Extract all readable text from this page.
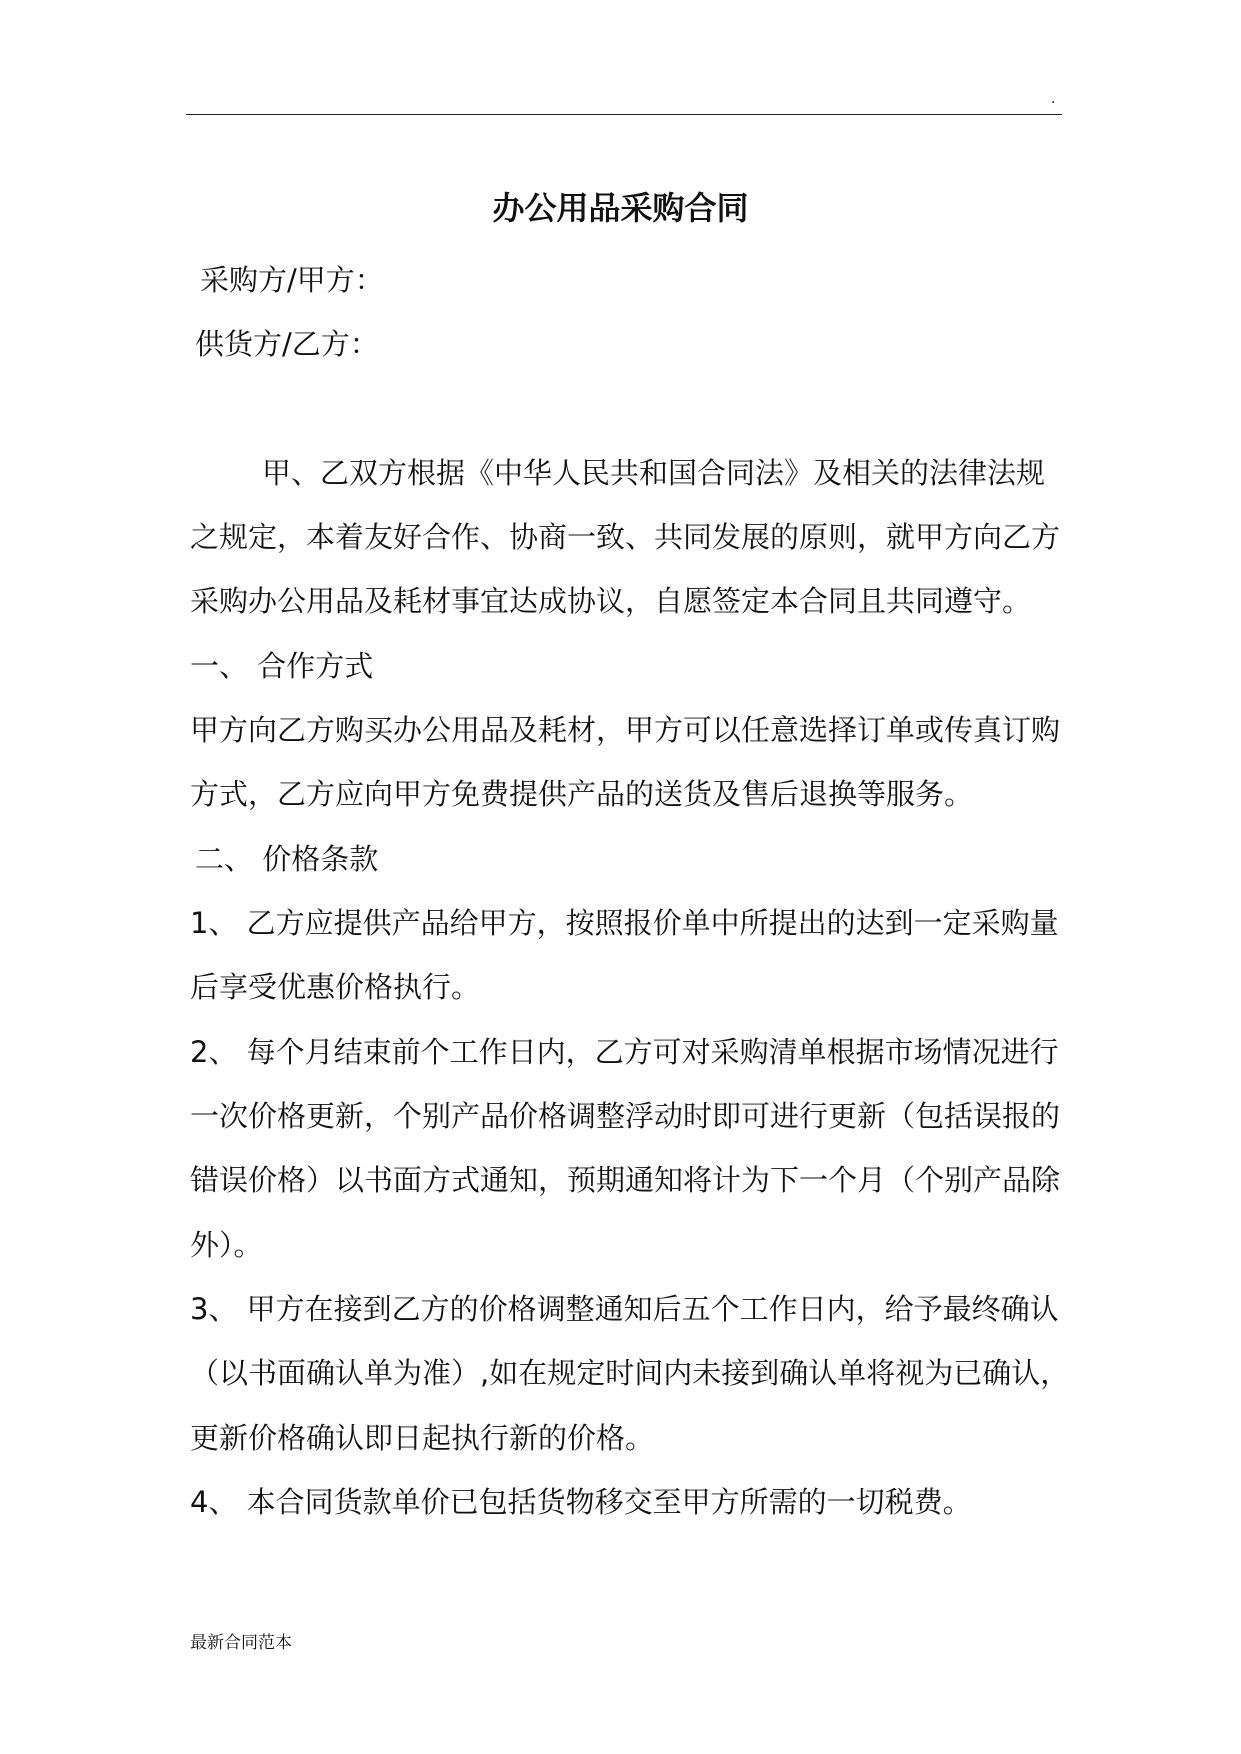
.
办公用品采购合同
采购方/甲方：
供货方/乙方：
甲、乙双方根据《中华人民共和国合同法》及相关的法律法规
之规定，本着友好合作、协商一致、共同发展的原则，就甲方向乙方
采购办公用品及耗材事宜达成协议，自愿签定本合同且共同遵守。
一、 合作方式
甲方向乙方购买办公用品及耗材，甲方可以任意选择订单或传真订购
方式，乙方应向甲方免费提供产品的送货及售后退换等服务。
二、 价格条款
1、 乙方应提供产品给甲方，按照报价单中所提出的达到一定采购量
后享受优惠价格执行。
2、 每个月结束前个工作日内，乙方可对采购清单根据市场情况进行
一次价格更新，个别产品价格调整浮动时即可进行更新（包括误报的
错误价格）以书面方式通知，预期通知将计为下一个月（个别产品除
外）。
3、 甲方在接到乙方的价格调整通知后五个工作日内，给予最终确认
（以书面确认单为准）,如在规定时间内未接到确认单将视为已确认，
更新价格确认即日起执行新的价格。
4、 本合同货款单价已包括货物移交至甲方所需的一切税费。
最新合同范本
